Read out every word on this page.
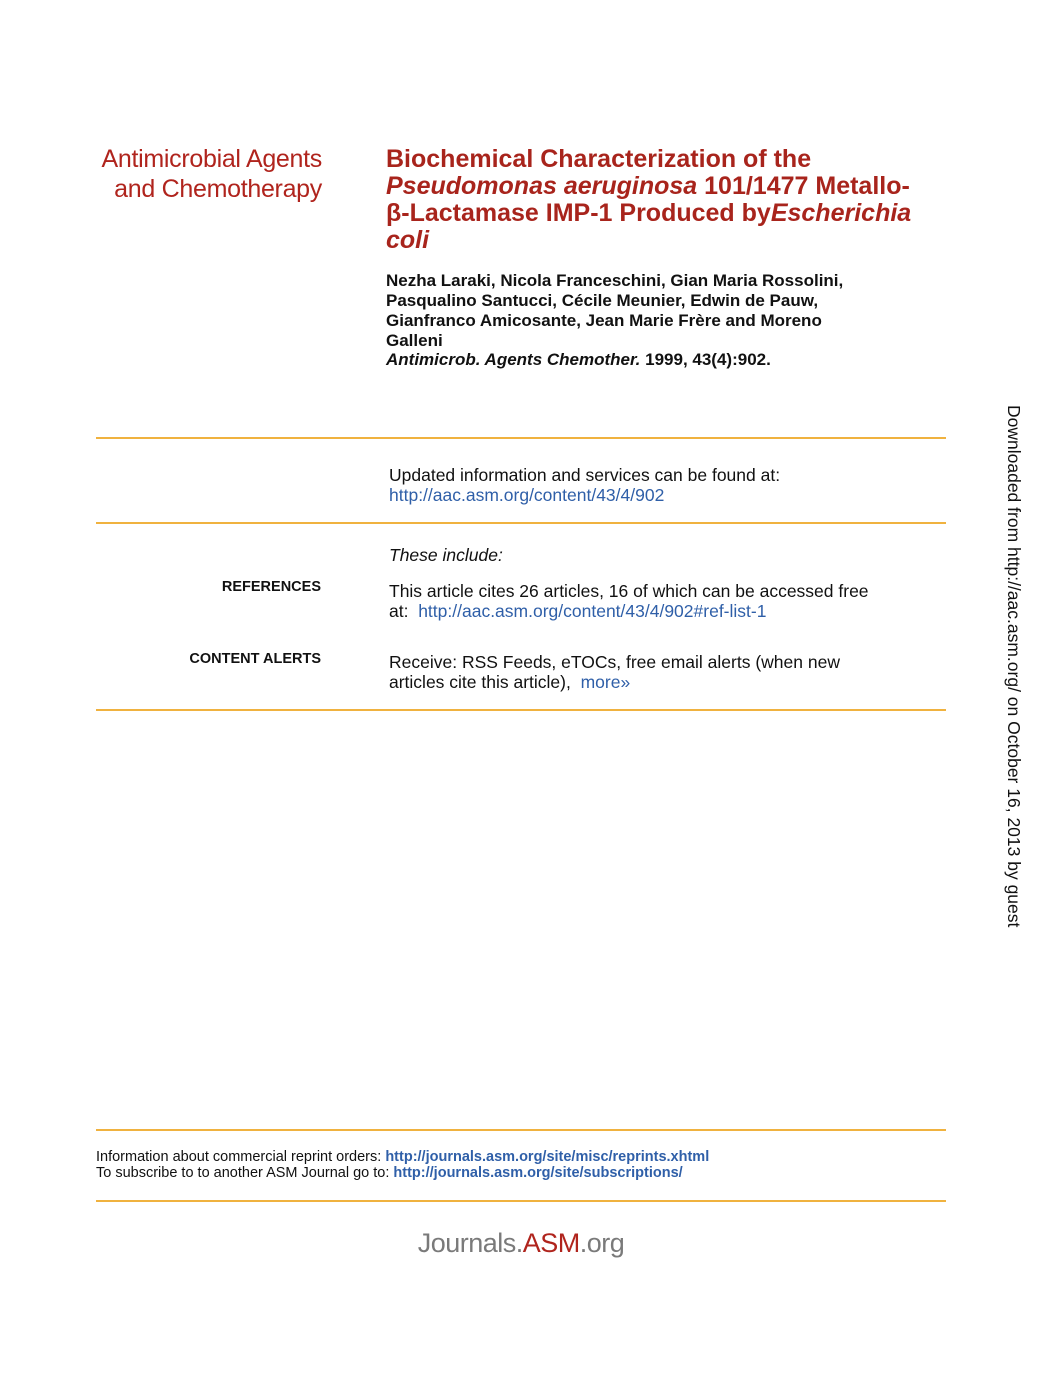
Antimicrobial Agents
and Chemotherapy
Biochemical Characterization of the
Pseudomonas aeruginosa 101/1477 Metallo-
β-Lactamase IMP-1 Produced byEscherichia
coli
Nezha Laraki, Nicola Franceschini, Gian Maria Rossolini,
Pasqualino Santucci, Cécile Meunier, Edwin de Pauw,
Gianfranco Amicosante, Jean Marie Frère and Moreno
Galleni
Antimicrob. Agents Chemother. 1999, 43(4):902.
Updated information and services can be found at:
http://aac.asm.org/content/43/4/902
These include:
REFERENCES	This article cites 26 articles, 16 of which can be accessed free
at: http://aac.asm.org/content/43/4/902#ref-list-1
CONTENT ALERTS	Receive: RSS Feeds, eTOCs, free email alerts (when new
articles cite this article), more»	Downloaded from http://aac.asm.org/ on October 16, 2013 by guest
Information about commercial reprint orders: http://journals.asm.org/site/misc/reprints.xhtml
To subscribe to to another ASM Journal go to: http://journals.asm.org/site/subscriptions/
Journals.ASM.org
